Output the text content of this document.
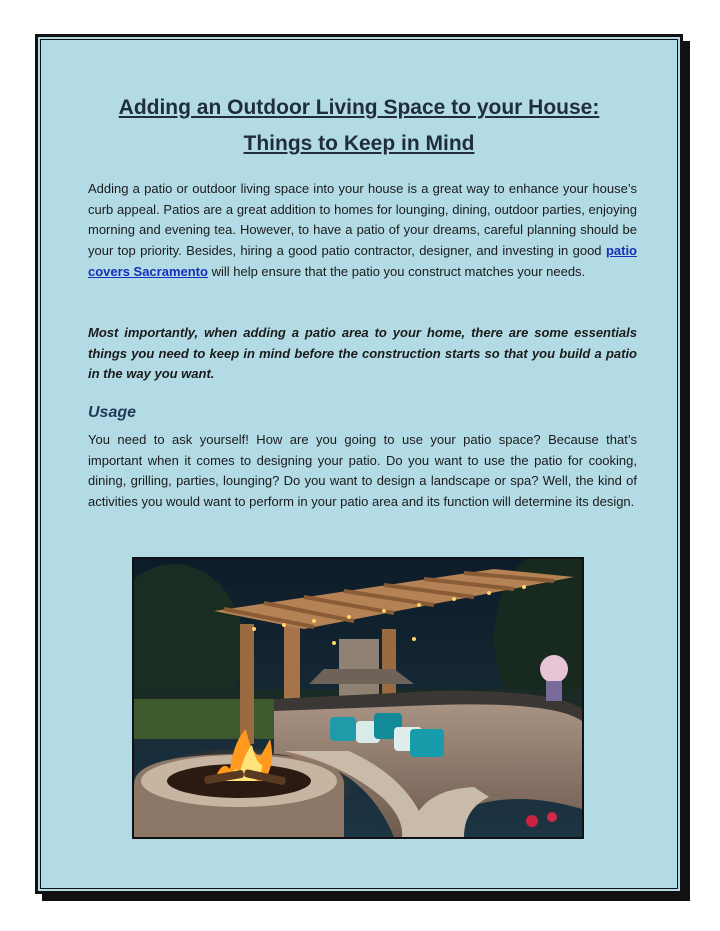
Adding an Outdoor Living Space to your House:
Things to Keep in Mind

Adding a patio or outdoor living space into your house is a great way to enhance your house’s curb appeal. Patios are a great addition to homes for lounging, dining, outdoor parties, enjoying morning and evening tea. However, to have a patio of your dreams, careful planning should be your top priority. Besides, hiring a good patio contractor, designer, and investing in good patio covers Sacramento will help ensure that the patio you construct matches your needs.

Most importantly, when adding a patio area to your home, there are some essentials things you need to keep in mind before the construction starts so that you build a patio in the way you want.

Usage

You need to ask yourself! How are you going to use your patio space? Because that’s important when it comes to designing your patio. Do you want to use the patio for cooking, dining, grilling, parties, lounging? Do you want to design a landscape or spa? Well, the kind of activities you would want to perform in your patio area and its function will determine its design.
